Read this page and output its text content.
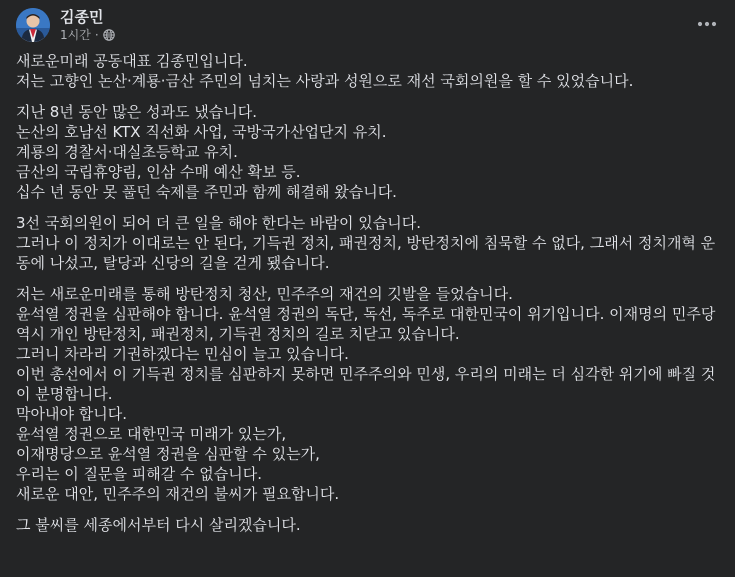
김종민
1시간 ·
새로운미래 공동대표 김종민입니다.
저는 고향인 논산·계룡·금산 주민의 넘치는 사랑과 성원으로 재선 국회의원을 할 수 있었습니다.
지난 8년 동안 많은 성과도 냈습니다.
논산의 호남선 KTX 직선화 사업, 국방국가산업단지 유치.
계룡의 경찰서·대실초등학교 유치.
금산의 국립휴양림, 인삼 수매 예산 확보 등.
십수 년 동안 못 풀던 숙제를 주민과 함께 해결해 왔습니다.
3선 국회의원이 되어 더 큰 일을 해야 한다는 바람이 있습니다.
그러나 이 정치가 이대로는 안 된다, 기득권 정치, 패권정치, 방탄정치에 침묵할 수 없다, 그래서 정치개혁 운동에 나섰고, 탈당과 신당의 길을 걷게 됐습니다.
저는 새로운미래를 통해 방탄정치 청산, 민주주의 재건의 깃발을 들었습니다.
윤석열 정권을 심판해야 합니다. 윤석열 정권의 독단, 독선, 독주로 대한민국이 위기입니다. 이재명의 민주당 역시 개인 방탄정치, 패권정치, 기득권 정치의 길로 치닫고 있습니다.
그러니 차라리 기권하겠다는 민심이 늘고 있습니다.
이번 총선에서 이 기득권 정치를 심판하지 못하면 민주주의와 민생, 우리의 미래는 더 심각한 위기에 빠질 것이 분명합니다.
막아내야 합니다.
윤석열 정권으로 대한민국 미래가 있는가,
이재명당으로 윤석열 정권을 심판할 수 있는가,
우리는 이 질문을 피해갈 수 없습니다.
새로운 대안, 민주주의 재건의 불씨가 필요합니다.
그 불씨를 세종에서부터 다시 살리겠습니다.
